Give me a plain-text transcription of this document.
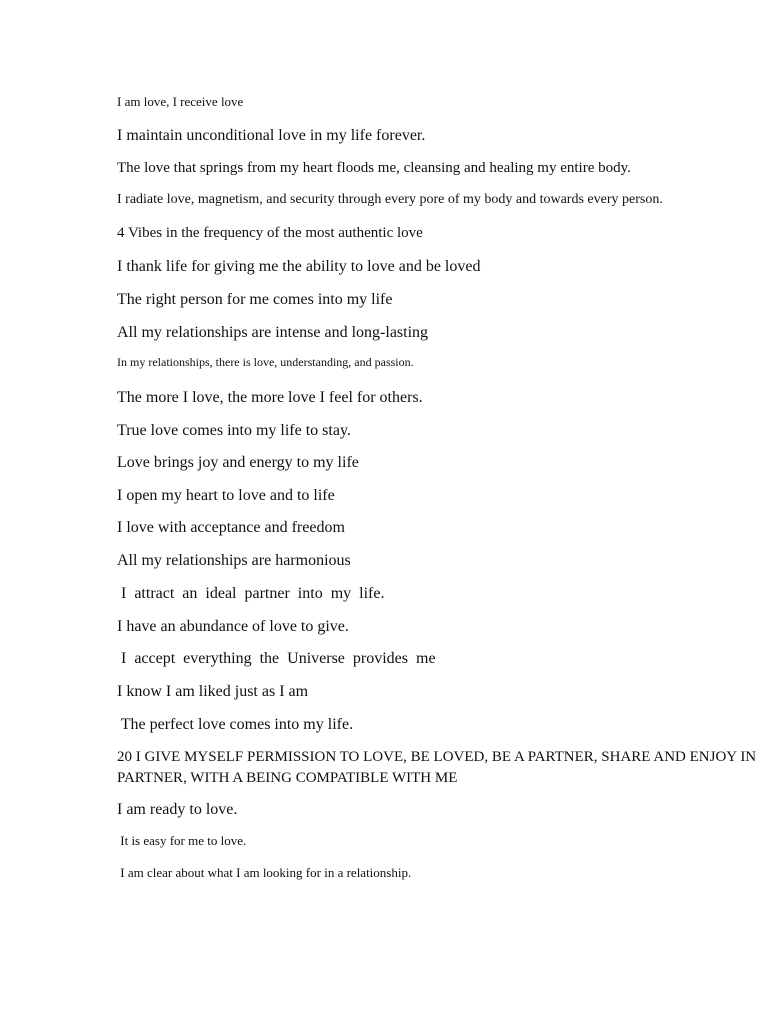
I am love, I receive love

I maintain unconditional love in my life forever.

The love that springs from my heart floods me, cleansing and healing my entire body.

I radiate love, magnetism, and security through every pore of my body and towards every person.

4 Vibes in the frequency of the most authentic love

I thank life for giving me the ability to love and be loved

The right person for me comes into my life

All my relationships are intense and long-lasting

In my relationships, there is love, understanding, and passion.

The more I love, the more love I feel for others.

True love comes into my life to stay.

Love brings joy and energy to my life

I open my heart to love and to life

I love with acceptance and freedom

All my relationships are harmonious

I  attract  an  ideal  partner  into  my  life.

I have an abundance of love to give.

I  accept  everything  the  Universe  provides  me

I know I am liked just as I am

The perfect love comes into my life.

20 I GIVE MYSELF PERMISSION TO LOVE, BE LOVED, BE A PARTNER, SHARE AND ENJOY IN PARTNER, WITH A BEING COMPATIBLE WITH ME

I am ready to love.

It is easy for me to love.

I am clear about what I am looking for in a relationship.
